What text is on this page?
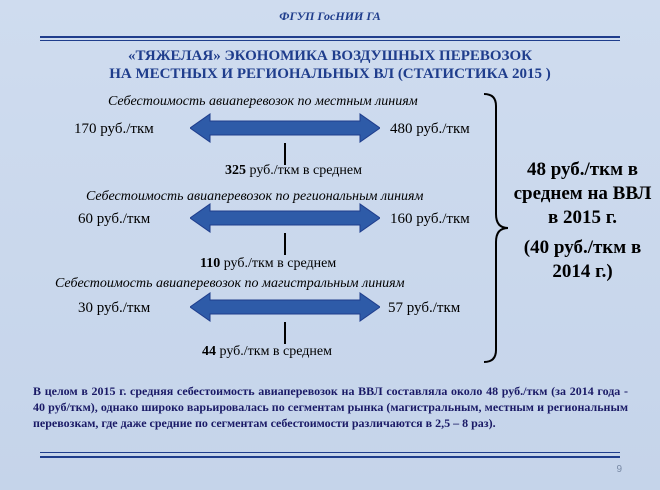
ФГУП ГосНИИ ГА
«ТЯЖЕЛАЯ» ЭКОНОМИКА ВОЗДУШНЫХ ПЕРЕВОЗОК
НА МЕСТНЫХ И РЕГИОНАЛЬНЫХ ВЛ (СТАТИСТИКА 2015 )
Себестоимость авиаперевозок по местным линиям
170 руб./ткм	480 руб./ткм
325 руб./ткм в среднем
Себестоимость авиаперевозок по региональным линиям
60 руб./ткм	160 руб./ткм
110 руб./ткм в среднем
Себестоимость авиаперевозок по магистральным линиям
30 руб./ткм	57 руб./ткм
44 руб./ткм в среднем
48 руб./ткм в среднем на ВВЛ в 2015 г.
(40 руб./ткм в 2014 г.)
В целом в 2015 г. средняя себестоимость авиаперевозок на ВВЛ составляла около 48 руб./ткм (за 2014 года - 40 руб/ткм), однако широко варьировалась по сегментам рынка (магистральным, местным и региональным перевозкам, где даже средние по сегментам себестоимости различаются в 2,5 – 8 раз).
9
